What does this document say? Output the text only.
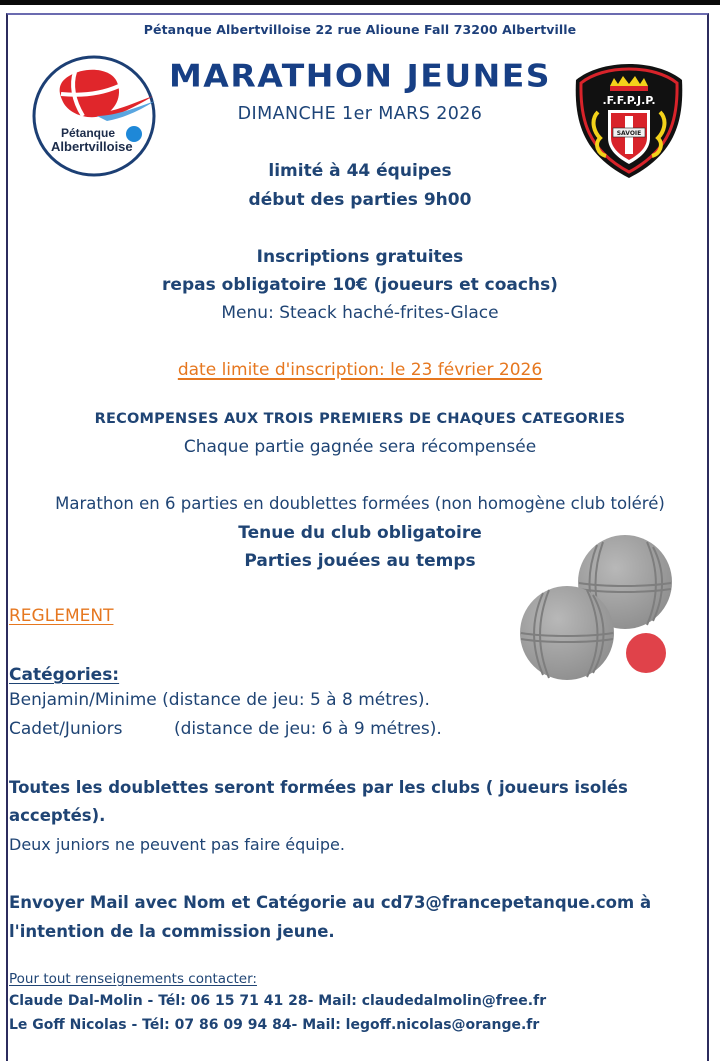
Pétanque Albertvilloise 22 rue Alioune Fall 73200 Albertville
Pétanque
Albertvilloise
MARATHON JEUNES
DIMANCHE 1er MARS 2026
.F.F.P.J.P.
SAVOIE
limité à 44 équipes
début des parties 9h00
Inscriptions gratuites
repas obligatoire 10€ (joueurs et coachs)
Menu: Steack haché-frites-Glace
date limite d'inscription: le 23 février 2026
RECOMPENSES AUX TROIS PREMIERS DE CHAQUES CATEGORIES
Chaque partie gagnée sera récompensée
Marathon en 6 parties en doublettes formées (non homogène club toléré)
Tenue du club obligatoire
Parties jouées au temps
REGLEMENT
Catégories:
Benjamin/Minime (distance de jeu: 5 à 8 métres).
Cadet/Juniors	(distance de jeu: 6 à 9 métres).
Toutes les doublettes seront formées par les clubs ( joueurs isolés
acceptés).
Deux juniors ne peuvent pas faire équipe.
Envoyer Mail avec Nom et Catégorie au cd73@francepetanque.com à
l'intention de la commission jeune.
Pour tout renseignements contacter:
Claude Dal-Molin - Tél: 06 15 71 41 28- Mail: claudedalmolin@free.fr
Le Goff Nicolas - Tél: 07 86 09 94 84- Mail: legoff.nicolas@orange.fr
